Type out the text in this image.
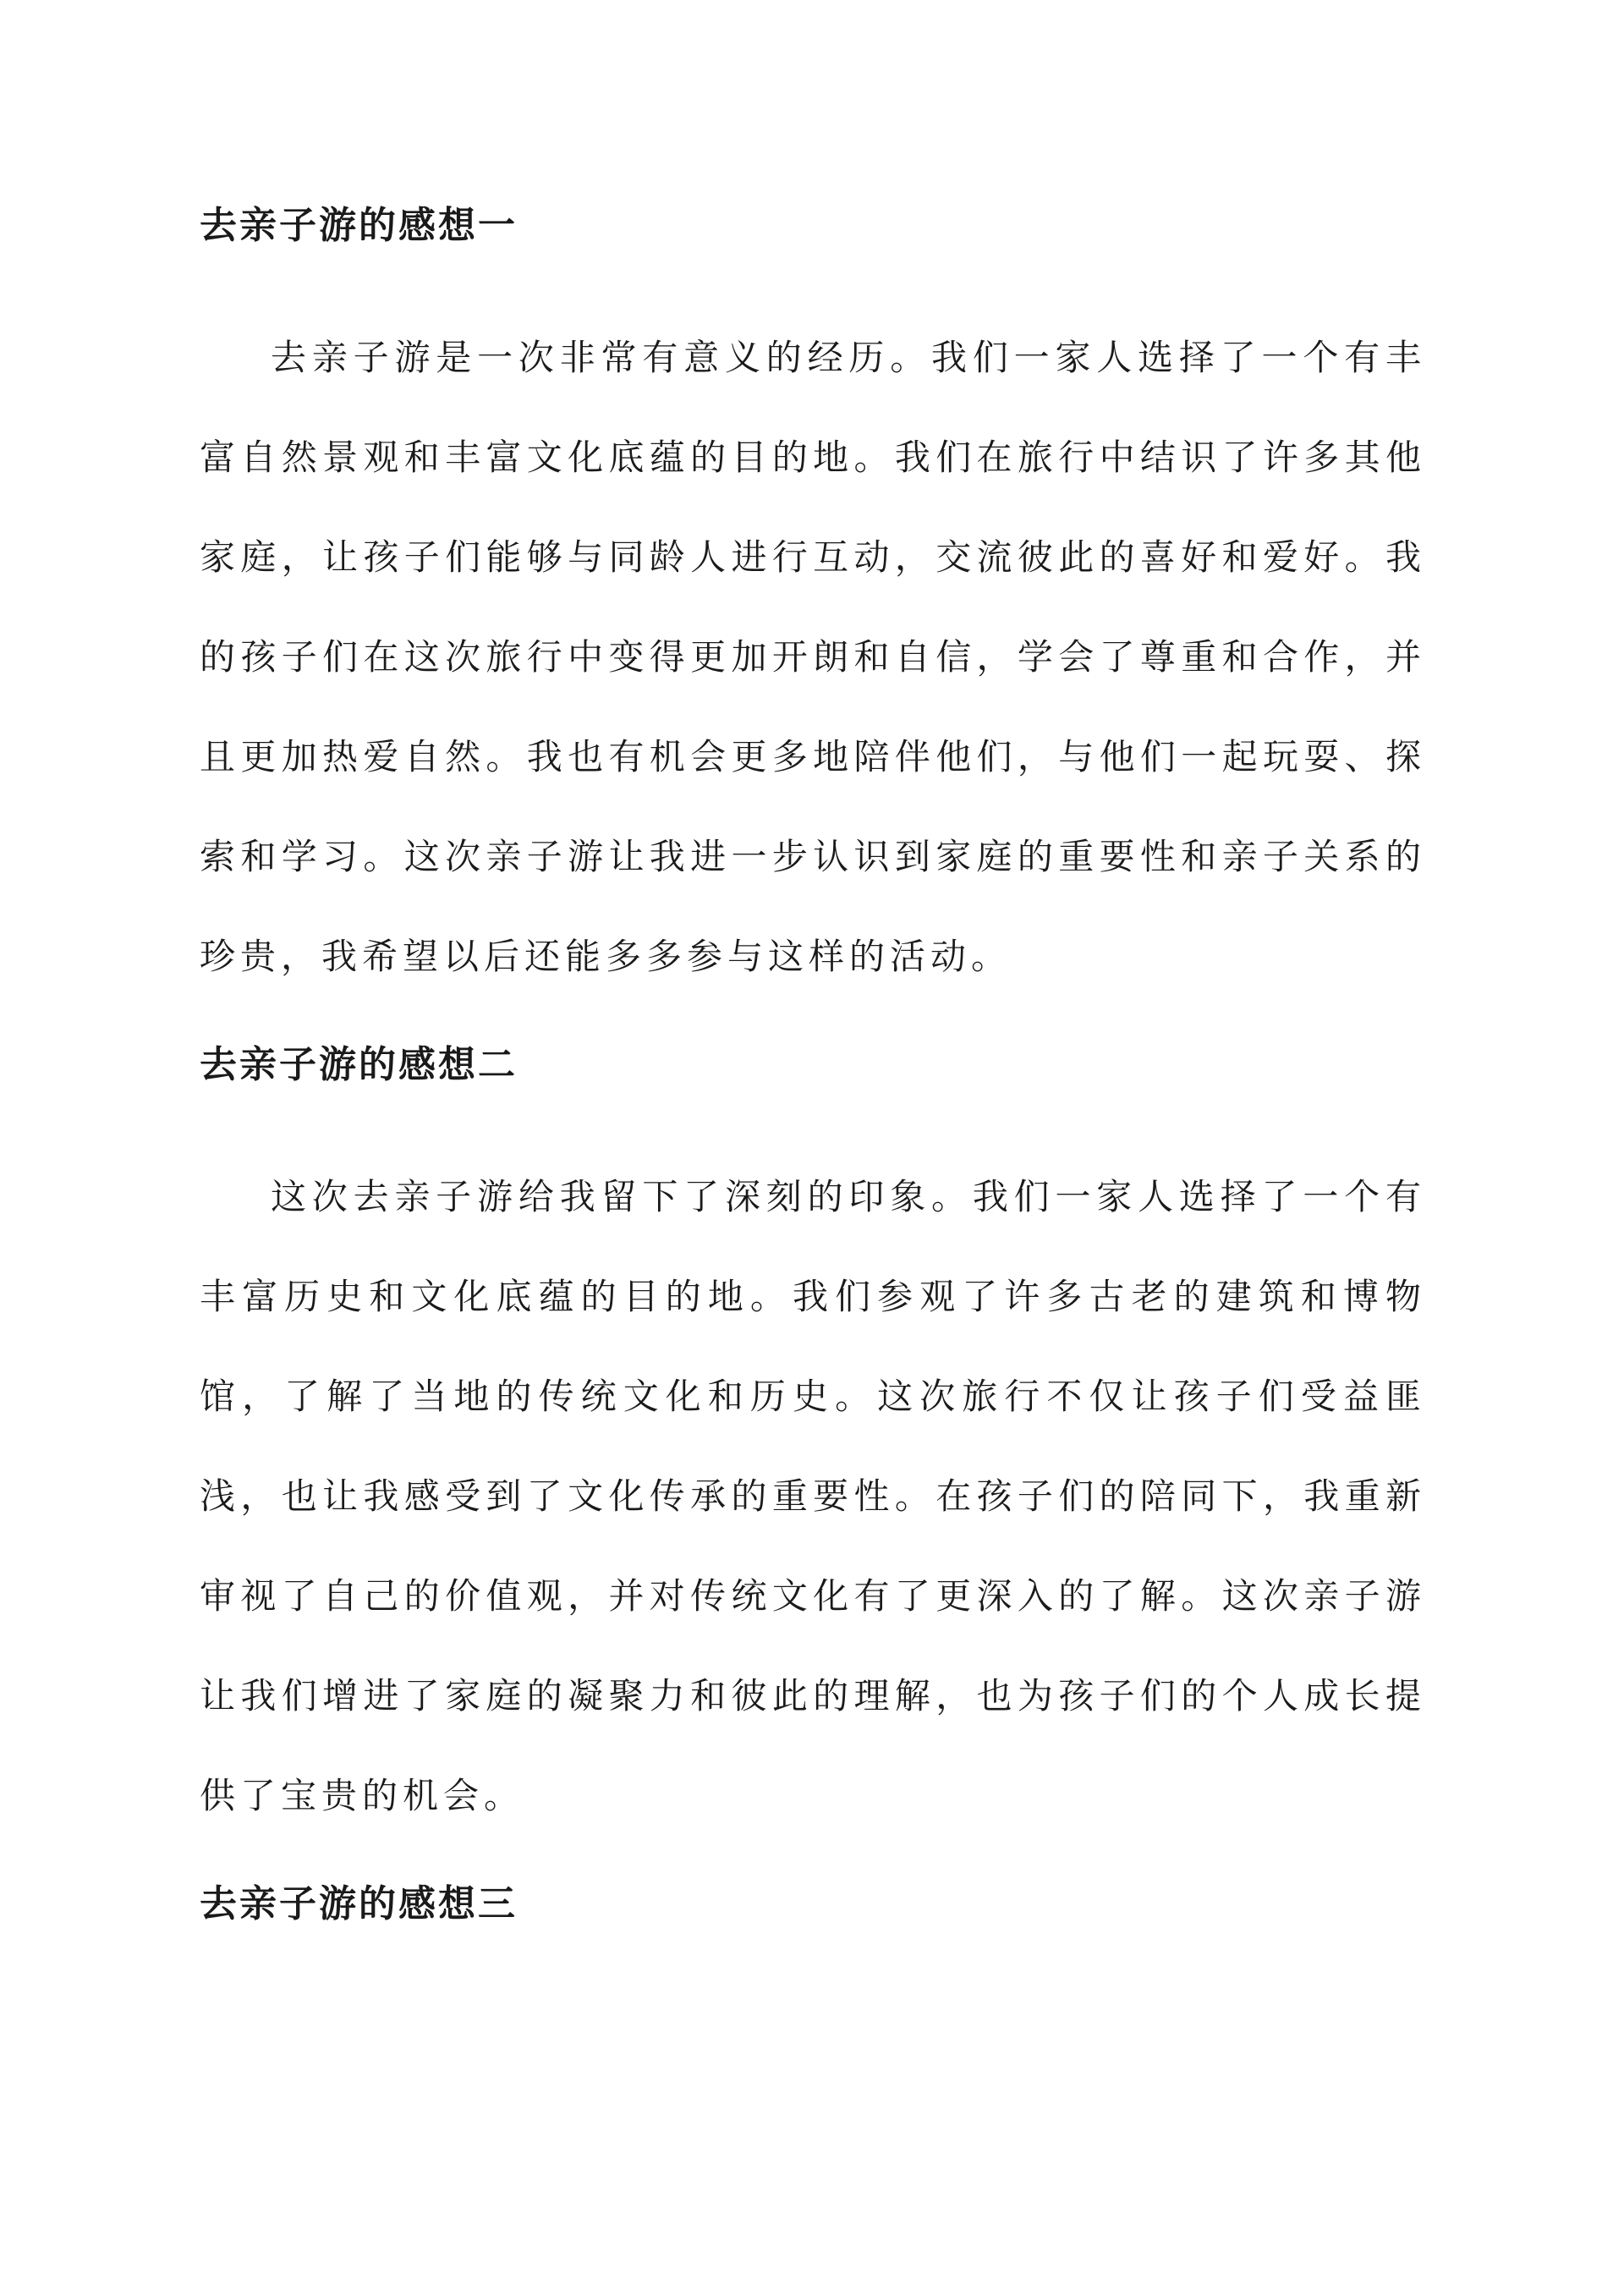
去亲子游的感想一

去亲子游是一次非常有意义的经历。我们一家人选择了一个有丰富自然景观和丰富文化底蕴的目的地。我们在旅行中结识了许多其他家庭，让孩子们能够与同龄人进行互动，交流彼此的喜好和爱好。我的孩子们在这次旅行中变得更加开朗和自信，学会了尊重和合作，并且更加热爱自然。我也有机会更多地陪伴他们，与他们一起玩耍、探索和学习。这次亲子游让我进一步认识到家庭的重要性和亲子关系的珍贵，我希望以后还能多多参与这样的活动。

去亲子游的感想二

这次去亲子游给我留下了深刻的印象。我们一家人选择了一个有丰富历史和文化底蕴的目的地。我们参观了许多古老的建筑和博物馆，了解了当地的传统文化和历史。这次旅行不仅让孩子们受益匪浅，也让我感受到了文化传承的重要性。在孩子们的陪同下，我重新审视了自己的价值观，并对传统文化有了更深入的了解。这次亲子游让我们增进了家庭的凝聚力和彼此的理解，也为孩子们的个人成长提供了宝贵的机会。

去亲子游的感想三
